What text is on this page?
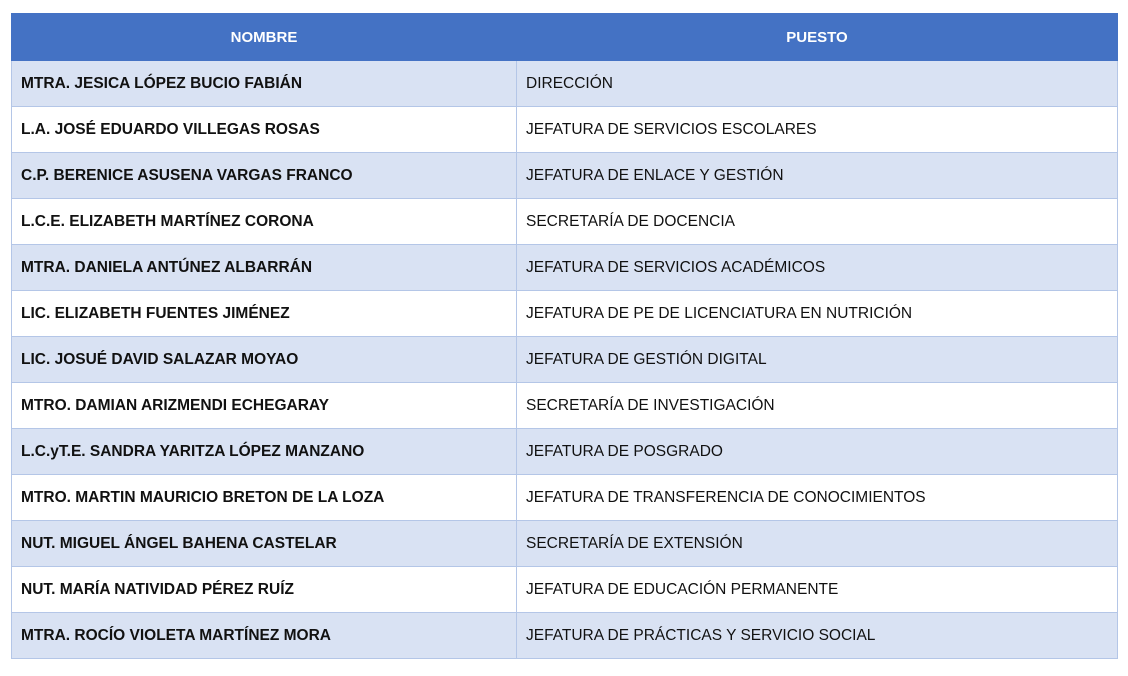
NOMBRE	PUESTO
MTRA. JESICA LÓPEZ BUCIO FABIÁN	DIRECCIÓN
L.A. JOSÉ EDUARDO VILLEGAS ROSAS	JEFATURA DE SERVICIOS ESCOLARES
C.P. BERENICE ASUSENA VARGAS FRANCO	JEFATURA DE ENLACE Y GESTIÓN
L.C.E. ELIZABETH MARTÍNEZ CORONA	SECRETARÍA DE DOCENCIA
MTRA. DANIELA ANTÚNEZ ALBARRÁN	JEFATURA DE SERVICIOS ACADÉMICOS
LIC. ELIZABETH FUENTES JIMÉNEZ	JEFATURA DE PE DE LICENCIATURA EN NUTRICIÓN
LIC. JOSUÉ DAVID SALAZAR MOYAO	JEFATURA DE GESTIÓN DIGITAL
MTRO. DAMIAN ARIZMENDI ECHEGARAY	SECRETARÍA DE INVESTIGACIÓN
L.C.yT.E. SANDRA YARITZA LÓPEZ MANZANO	JEFATURA DE POSGRADO
MTRO. MARTIN MAURICIO BRETON DE LA LOZA	JEFATURA DE TRANSFERENCIA DE CONOCIMIENTOS
NUT. MIGUEL ÁNGEL BAHENA CASTELAR	SECRETARÍA DE EXTENSIÓN
NUT. MARÍA NATIVIDAD PÉREZ RUÍZ	JEFATURA DE EDUCACIÓN PERMANENTE
MTRA. ROCÍO VIOLETA MARTÍNEZ MORA	JEFATURA DE PRÁCTICAS Y SERVICIO SOCIAL
